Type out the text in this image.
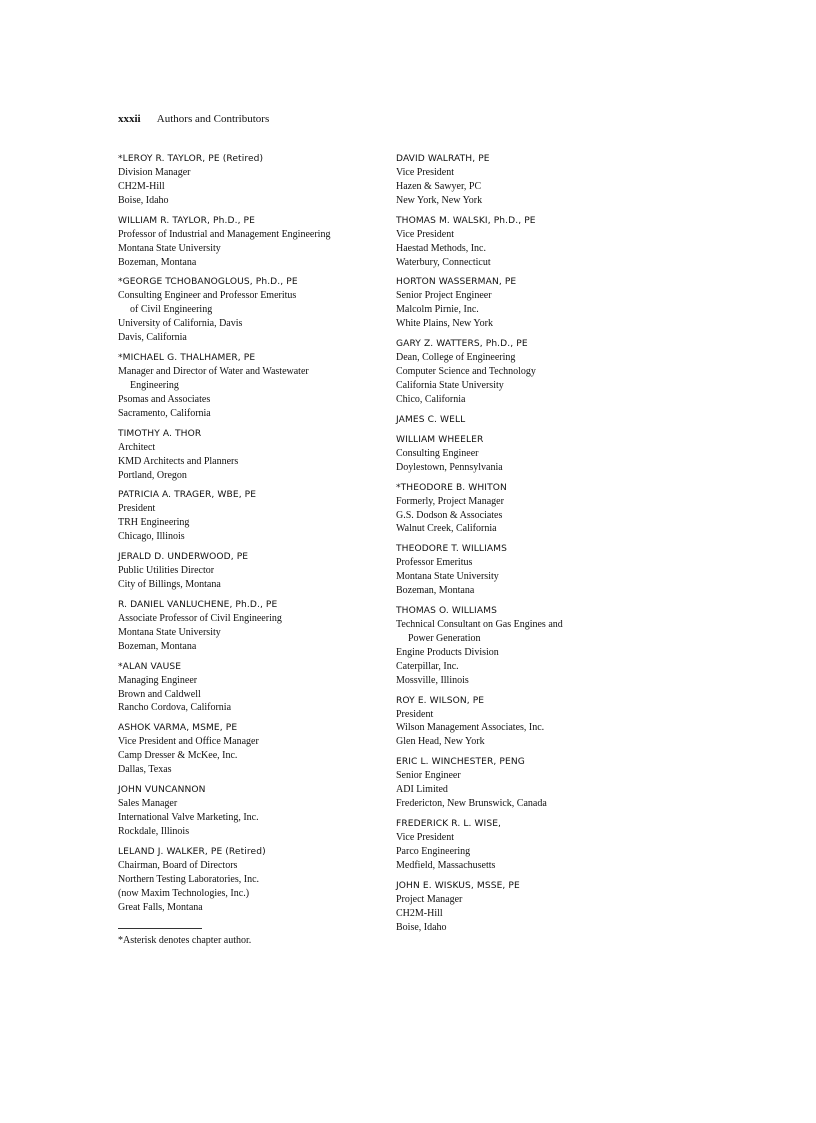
xxxii Authors and Contributors
*LEROY R. TAYLOR, PE (Retired)
Division Manager
CH2M-Hill
Boise, Idaho
WILLIAM R. TAYLOR, Ph.D., PE
Professor of Industrial and Management Engineering
Montana State University
Bozeman, Montana
*GEORGE TCHOBANOGLOUS, Ph.D., PE
Consulting Engineer and Professor Emeritus
of Civil Engineering
University of California, Davis
Davis, California
*MICHAEL G. THALHAMER, PE
Manager and Director of Water and Wastewater
Engineering
Psomas and Associates
Sacramento, California
TIMOTHY A. THOR
Architect
KMD Architects and Planners
Portland, Oregon
PATRICIA A. TRAGER, WBE, PE
President
TRH Engineering
Chicago, Illinois
JERALD D. UNDERWOOD, PE
Public Utilities Director
City of Billings, Montana
R. DANIEL VANLUCHENE, Ph.D., PE
Associate Professor of Civil Engineering
Montana State University
Bozeman, Montana
*ALAN VAUSE
Managing Engineer
Brown and Caldwell
Rancho Cordova, California
ASHOK VARMA, MSME, PE
Vice President and Office Manager
Camp Dresser & McKee, Inc.
Dallas, Texas
JOHN VUNCANNON
Sales Manager
International Valve Marketing, Inc.
Rockdale, Illinois
LELAND J. WALKER, PE (Retired)
Chairman, Board of Directors
Northern Testing Laboratories, Inc.
(now Maxim Technologies, Inc.)
Great Falls, Montana
DAVID WALRATH, PE
Vice President
Hazen & Sawyer, PC
New York, New York
THOMAS M. WALSKI, Ph.D., PE
Vice President
Haestad Methods, Inc.
Waterbury, Connecticut
HORTON WASSERMAN, PE
Senior Project Engineer
Malcolm Pirnie, Inc.
White Plains, New York
GARY Z. WATTERS, Ph.D., PE
Dean, College of Engineering
Computer Science and Technology
California State University
Chico, California
JAMES C. WELL
WILLIAM WHEELER
Consulting Engineer
Doylestown, Pennsylvania
*THEODORE B. WHITON
Formerly, Project Manager
G.S. Dodson & Associates
Walnut Creek, California
THEODORE T. WILLIAMS
Professor Emeritus
Montana State University
Bozeman, Montana
THOMAS O. WILLIAMS
Technical Consultant on Gas Engines and
Power Generation
Engine Products Division
Caterpillar, Inc.
Mossville, Illinois
ROY E. WILSON, PE
President
Wilson Management Associates, Inc.
Glen Head, New York
ERIC L. WINCHESTER, PENG
Senior Engineer
ADI Limited
Fredericton, New Brunswick, Canada
FREDERICK R. L. WISE,
Vice President
Parco Engineering
Medfield, Massachusetts
JOHN E. WISKUS, MSSE, PE
Project Manager
CH2M-Hill
Boise, Idaho
*Asterisk denotes chapter author.
